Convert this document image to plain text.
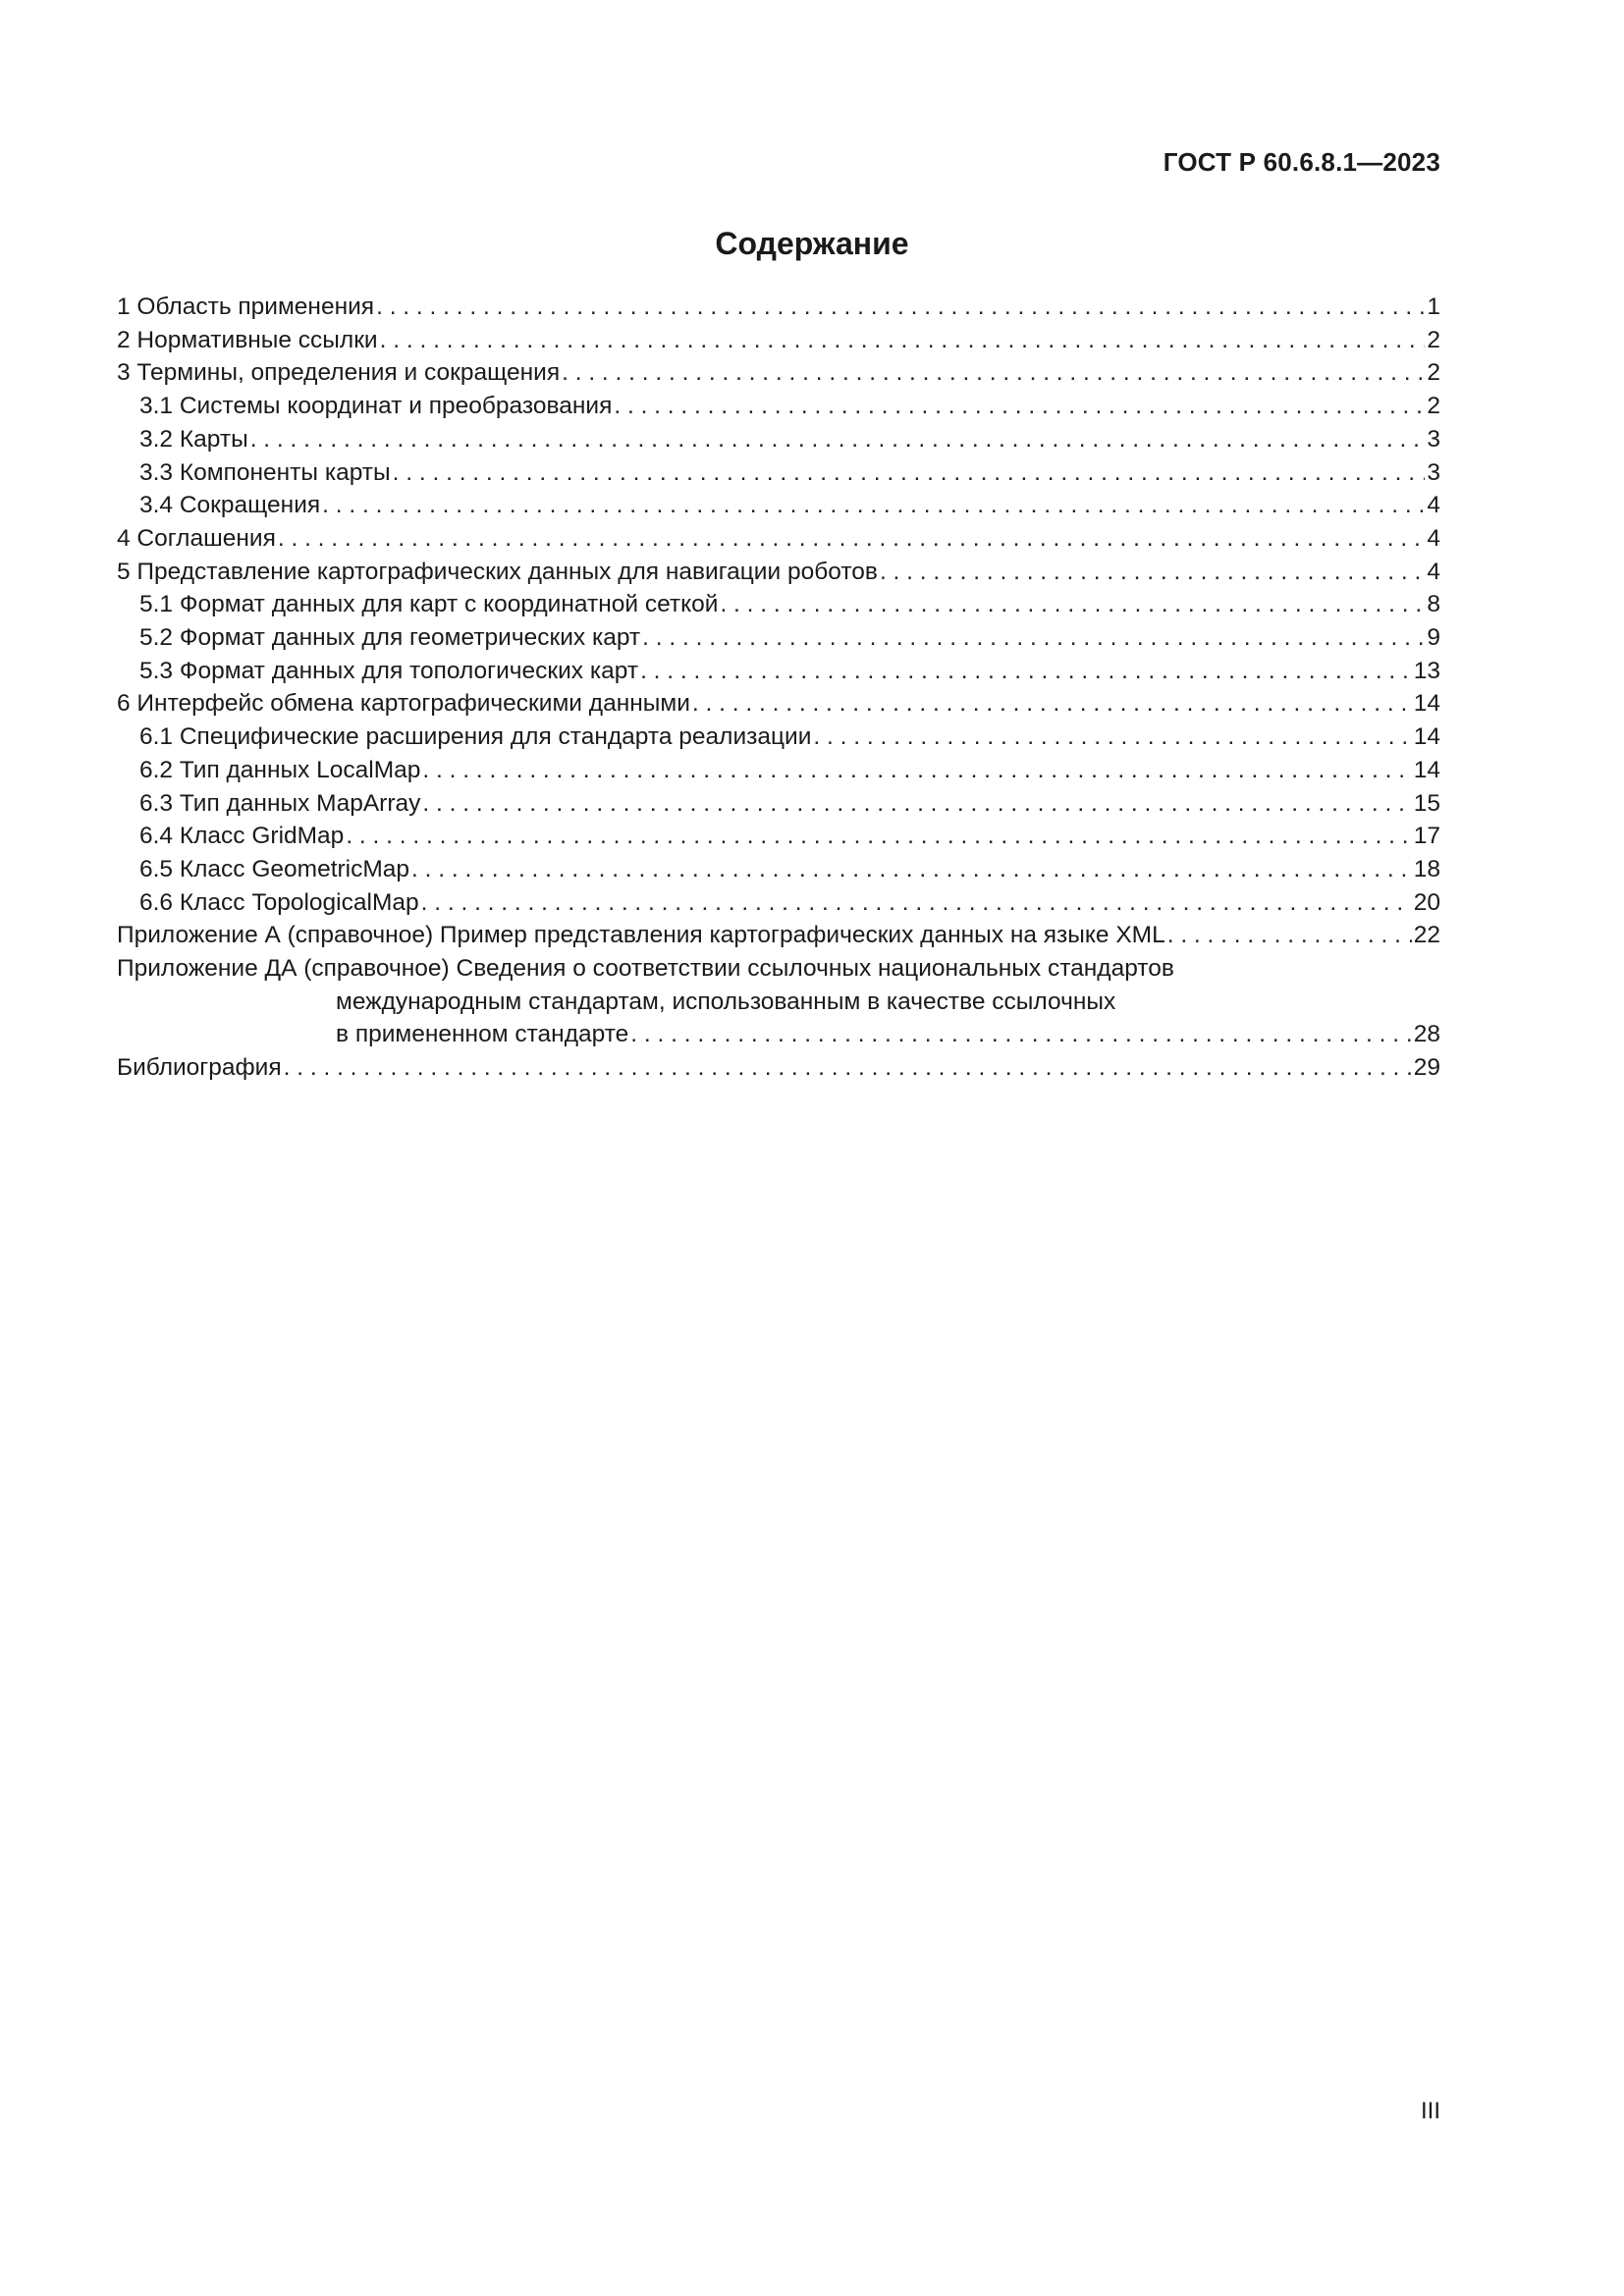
ГОСТ Р 60.6.8.1—2023
Содержание
1 Область применения . . .	1
2 Нормативные ссылки . . .	2
3 Термины, определения и сокращения . . .	2
3.1 Системы координат и преобразования . . .	2
3.2 Карты . . .	3
3.3 Компоненты карты . . .	3
3.4 Сокращения . . .	4
4 Соглашения . . .	4
5 Представление картографических данных для навигации роботов . . .	4
5.1 Формат данных для карт с координатной сеткой . . .	8
5.2 Формат данных для геометрических карт . . .	9
5.3 Формат данных для топологических карт . . .	13
6 Интерфейс обмена картографическими данными . . .	14
6.1 Специфические расширения для стандарта реализации . . .	14
6.2 Тип данных LocalMap . . .	14
6.3 Тип данных MapArray . . .	15
6.4 Класс GridMap . . .	17
6.5 Класс GeometricMap . . .	18
6.6 Класс TopologicalMap . . .	20
Приложение А (справочное) Пример представления картографических данных на языке XML . . .	22
Приложение ДА (справочное) Сведения о соответствии ссылочных национальных стандартов
международным стандартам, использованным в качестве ссылочных
в примененном стандарте . . .	28
Библиография . . .	29
III
